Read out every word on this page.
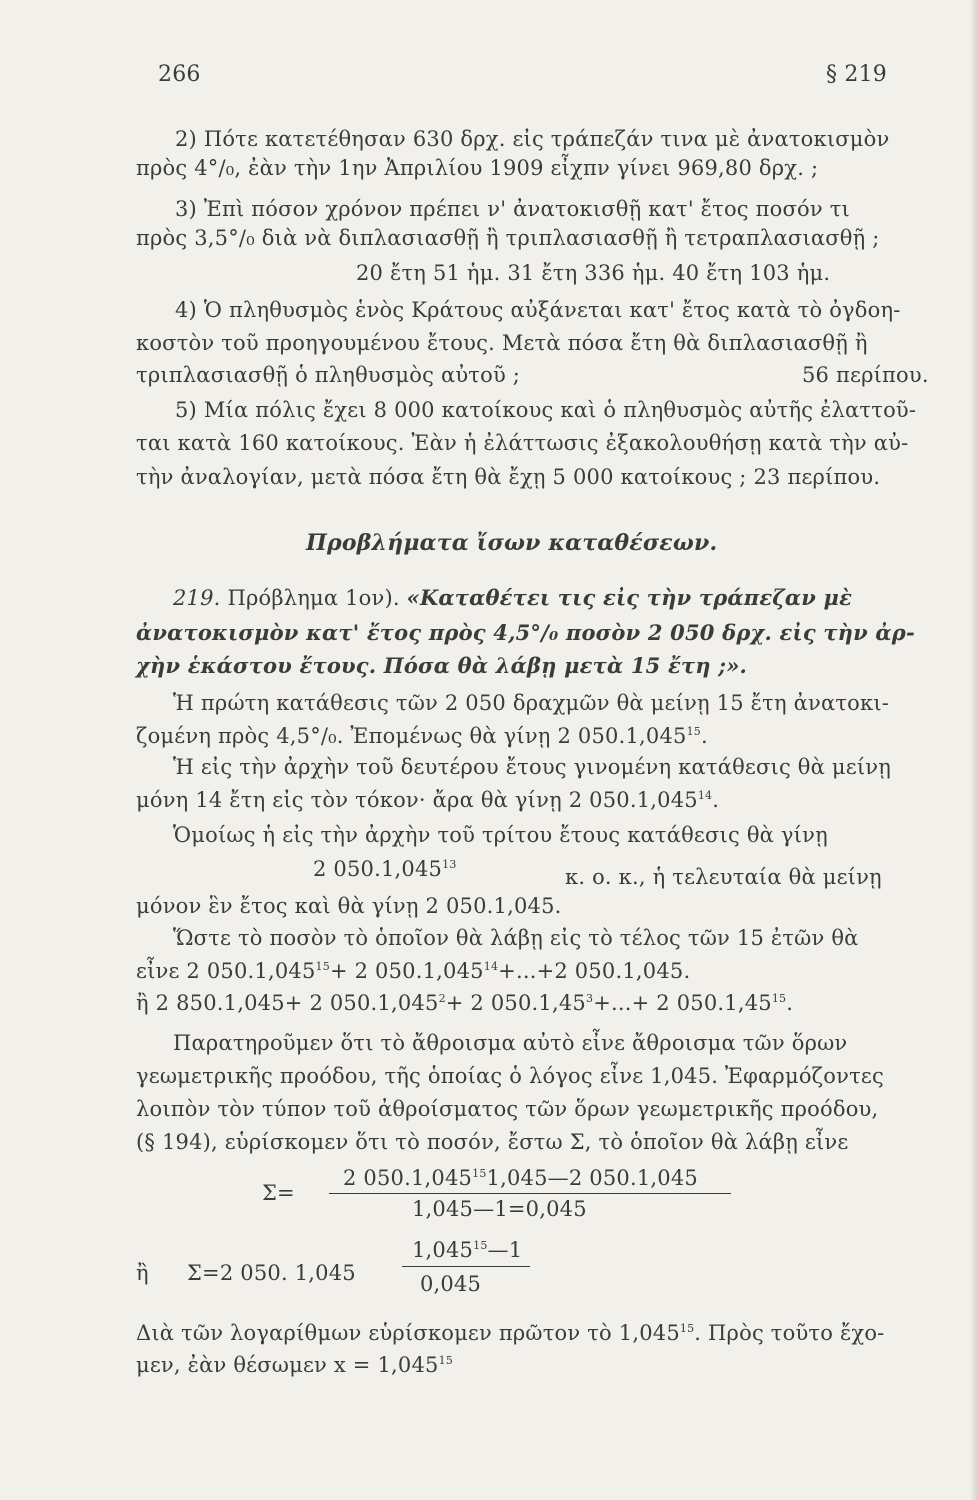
266	§ 219
2) Πότε κατετέθησαν 630 δρχ. εἰς τράπεζάν τινα μὲ ἀνατοκισμὸν
πρὸς 4°/₀, ἐὰν τὴν 1ην Ἀπριλίου 1909 εἶχπν γίνει 969,80 δρχ. ;
3) Ἐπὶ πόσον χρόνον πρέπει ν' ἀνατοκισθῇ κατ' ἔτος ποσόν τι
πρὸς 3,5°/₀ διὰ νὰ διπλασιασθῇ ἢ τριπλασιασθῇ ἢ τετραπλασιασθῇ ;
20 ἔτη 51 ἡμ. 31 ἔτη 336 ἡμ. 40 ἔτη 103 ἡμ.
4) Ὁ πληθυσμὸς ἑνὸς Κράτους αὐξάνεται κατ' ἔτος κατὰ τὸ ὀγδοη-
κοστὸν τοῦ προηγουμένου ἔτους. Μετὰ πόσα ἔτη θὰ διπλασιασθῇ ἢ
τριπλασιασθῇ ὁ πληθυσμὸς αὐτοῦ ;	56 περίπου.
5) Μία πόλις ἔχει 8 000 κατοίκους καὶ ὁ πληθυσμὸς αὐτῆς ἐλαττοῦ-
ται κατὰ 160 κατοίκους. Ἐὰν ἡ ἐλάττωσις ἐξακολουθήσῃ κατὰ τὴν αὐ-
τὴν ἀναλογίαν, μετὰ πόσα ἔτη θὰ ἔχῃ 5 000 κατοίκους ; 23 περίπου.
Προβλήματα ἴσων καταθέσεων.
219. Πρόβλημα 1ον). «Καταθέτει τις εἰς τὴν τράπεζαν μὲ
ἀνατοκισμὸν κατ' ἔτος πρὸς 4,5°/₀ ποσὸν 2 050 δρχ. εἰς τὴν ἀρ-
χὴν ἑκάστου ἔτους. Πόσα θὰ λάβῃ μετὰ 15 ἔτη ;».
Ἡ πρώτη κατάθεσις τῶν 2 050 δραχμῶν θὰ μείνῃ 15 ἔτη ἀνατοκι-
ζομένη πρὸς 4,5°/₀. Ἐπομένως θὰ γίνῃ 2 050.1,045$^{15}$.
Ἡ εἰς τὴν ἀρχὴν τοῦ δευτέρου ἔτους γινομένη κατάθεσις θὰ μείνῃ
μόνη 14 ἔτη εἰς τὸν τόκον· ἄρα θὰ γίνῃ 2 050.1,045$^{14}$.
Ὁμοίως ἡ εἰς τὴν ἀρχὴν τοῦ τρίτου ἔτους κατάθεσις θὰ γίνῃ
2 050.1,045$^{13}$
κ. ο. κ., ἡ τελευταία θὰ μείνῃ
μόνον ἓν ἔτος καὶ θὰ γίνῃ 2 050.1,045.
Ὥστε τὸ ποσὸν τὸ ὁποῖον θὰ λάβῃ εἰς τὸ τέλος τῶν 15 ἐτῶν θὰ
εἶνε 2 $050.1,045^{15}+ 2$ $050.1,045^{14}+...+2$ 050.1,045.
ἢ 2 850.1,045+ 2 $050.1,045^2+ 2$ $050.1,45^3+...+ 2$ 050.1,45$^{15}$.
Παρατηροῦμεν ὅτι τὸ ἄθροισμα αὐτὸ εἶνε ἄθροισμα τῶν ὅρων
γεωμετρικῆς προόδου, τῆς ὁποίας ὁ λόγος εἶνε 1,045. Ἐφαρμόζοντες
λοιπὸν τὸν τύπον τοῦ ἀθροίσματος τῶν ὅρων γεωμετρικῆς προόδου,
(§ 194), εὑρίσκομεν ὅτι τὸ ποσόν, ἔστω Σ, τὸ ὁποῖον θὰ λάβῃ εἶνε
Σ=
2 050.1,045$^{15}$1,045—2 050.1,045
1,045—1=0,045
ἢ Σ=2 050. 1,045
1,045$^{15}$—1
0,045
Διὰ τῶν λογαρίθμων εὑρίσκομεν πρῶτον τὸ 1,045$^{15}$. Πρὸς τοῦτο ἔχο-
μεν, ἐὰν θέσωμεν $x = 1,045^{15}$
